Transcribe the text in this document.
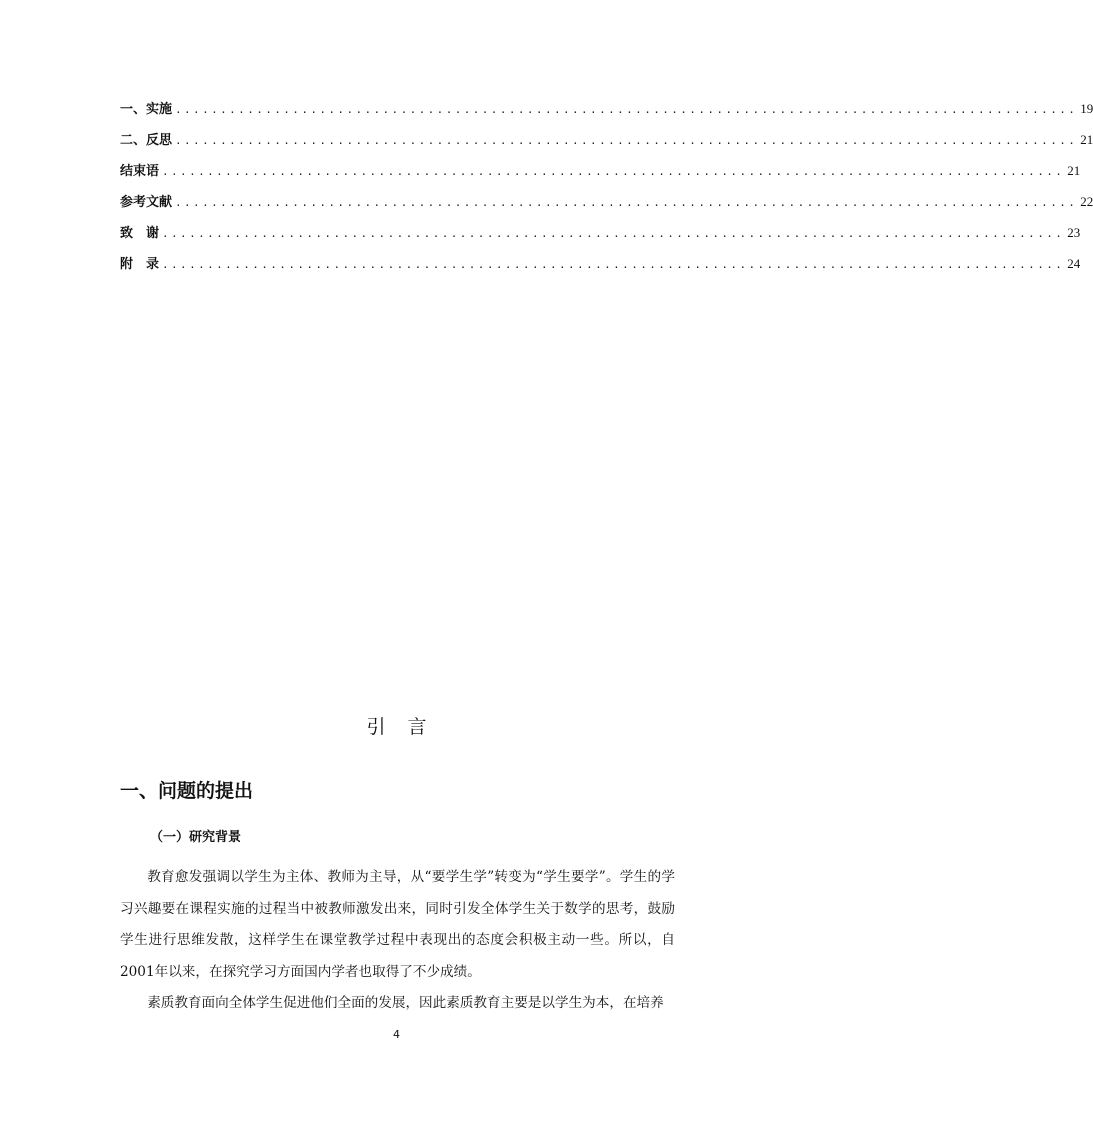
一、实施 .................................................................................................... 19
二、反思 .................................................................................................... 21
结束语 .................................................................................................... 21
参考文献 .................................................................................................... 22
致　谢 .................................................................................................... 23
附　录 .................................................................................................... 24
引言
一、问题的提出
（一）研究背景

教育愈发强调以学生为主体、教师为主导，从“要学生学”转变为“学生要学”。学生的学习兴趣要在课程实施的过程当中被教师激发出来，同时引发全体学生关于数学的思考，鼓励学生进行思维发散，这样学生在课堂教学过程中表现出的态度会积极主动一些。所以，自2001年以来，在探究学习方面国内学者也取得了不少成绩。

素质教育面向全体学生促进他们全面的发展，因此素质教育主要是以学生为本，在培养

4
